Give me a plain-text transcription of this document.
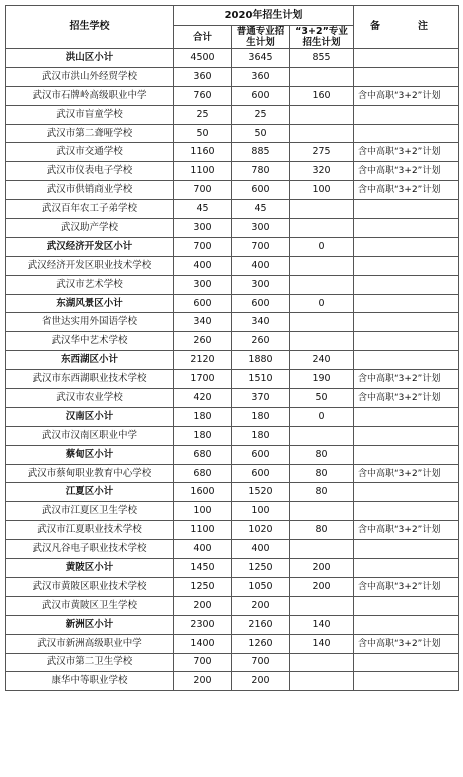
招生学校	2020年招生计划			备　注
	合计	普通专业招生计划	“3+2”专业招生计划	
洪山区小计	4500	3645	855	
武汉市洪山外经贸学校	360	360		
武汉市石牌岭高级职业中学	760	600	160	含中高职“3+2”计划
武汉市盲童学校	25	25		
武汉市第二聋哑学校	50	50		
武汉市交通学校	1160	885	275	含中高职“3+2”计划
武汉市仪表电子学校	1100	780	320	含中高职“3+2”计划
武汉市供销商业学校	700	600	100	含中高职“3+2”计划
武汉百年农工子弟学校	45	45		
武汉助产学校	300	300		
武汉经济开发区小计	700	700	0	
武汉经济开发区职业技术学校	400	400		
武汉市艺术学校	300	300		
东湖风景区小计	600	600	0	
省世达实用外国语学校	340	340		
武汉华中艺术学校	260	260		
东西湖区小计	2120	1880	240	
武汉市东西湖职业技术学校	1700	1510	190	含中高职“3+2”计划
武汉市农业学校	420	370	50	含中高职“3+2”计划
汉南区小计	180	180	0	
武汉市汉南区职业中学	180	180		
蔡甸区小计	680	600	80	
武汉市蔡甸职业教育中心学校	680	600	80	含中高职“3+2”计划
江夏区小计	1600	1520	80	
武汉市江夏区卫生学校	100	100		
武汉市江夏职业技术学校	1100	1020	80	含中高职“3+2”计划
武汉凡谷电子职业技术学校	400	400		
黄陂区小计	1450	1250	200	
武汉市黄陂区职业技术学校	1250	1050	200	含中高职“3+2”计划
武汉市黄陂区卫生学校	200	200		
新洲区小计	2300	2160	140	
武汉市新洲高级职业中学	1400	1260	140	含中高职“3+2”计划
武汉市第二卫生学校	700	700		
康华中等职业学校	200	200		
